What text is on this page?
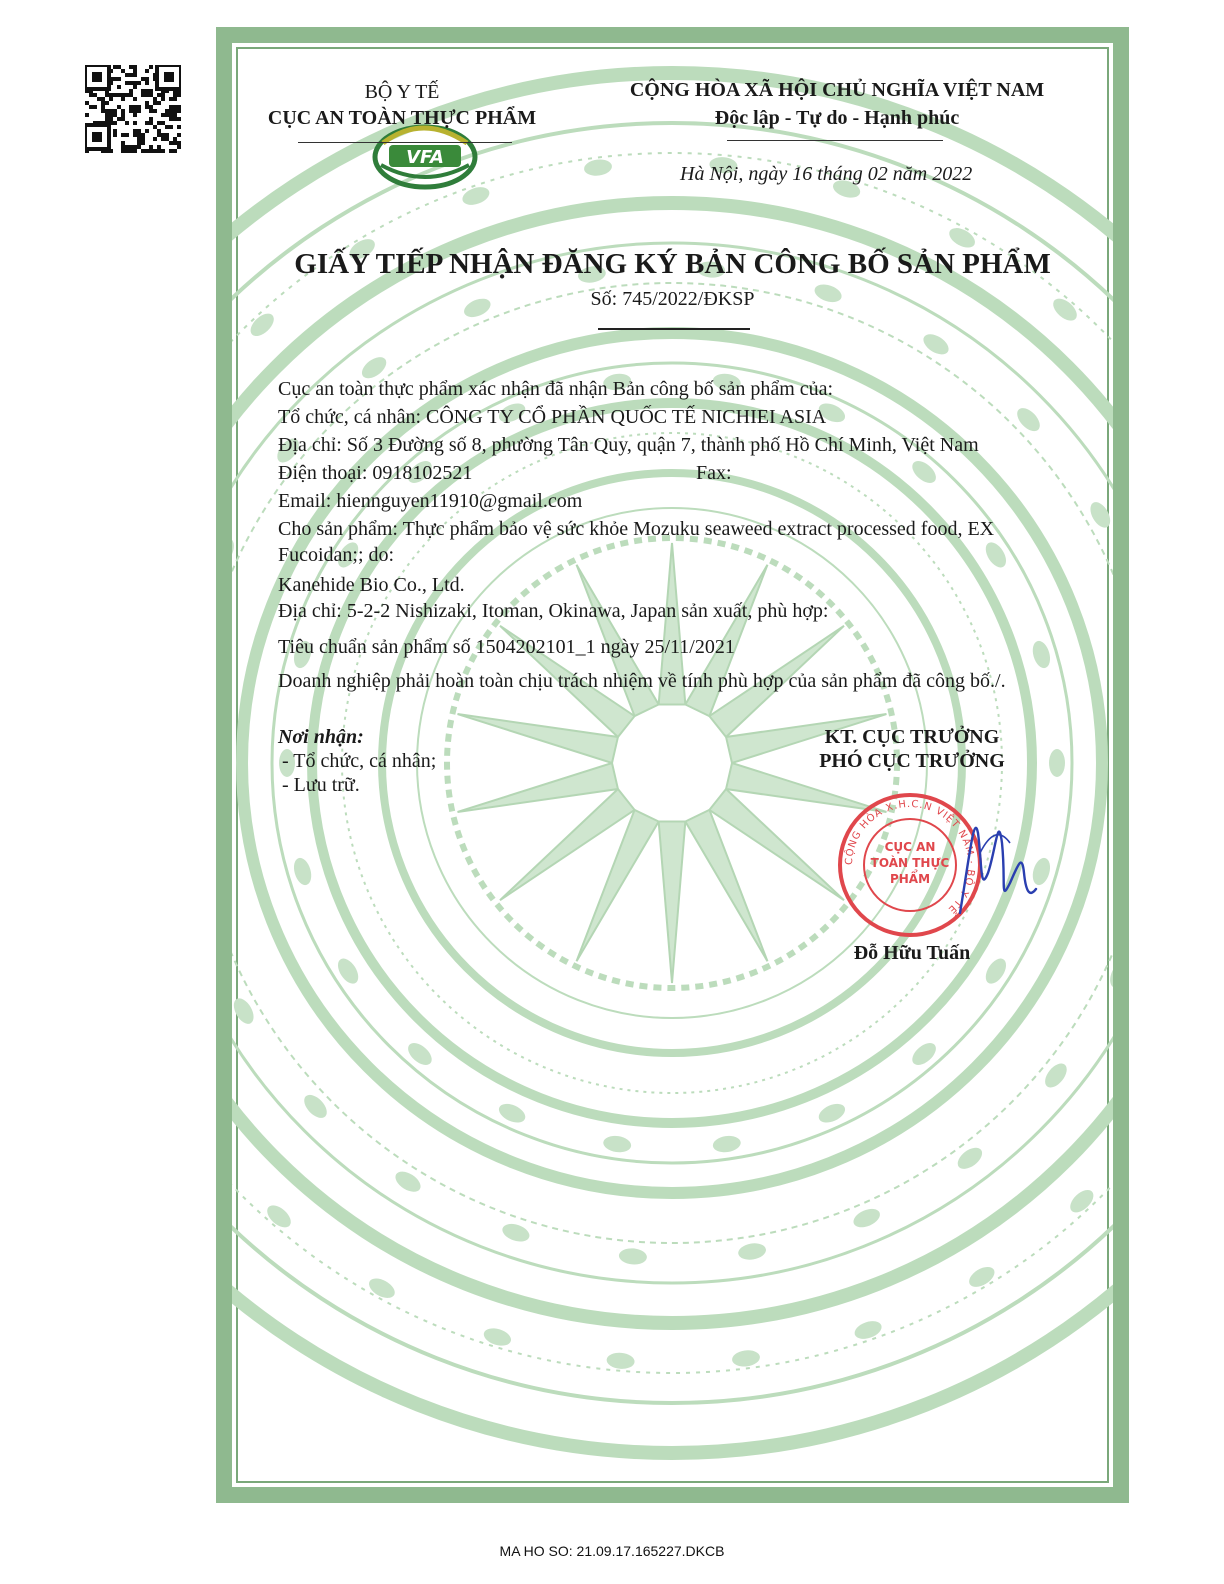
VFA
BỘ Y TẾ
CỤC AN TOÀN THỰC PHẨM
CỘNG HÒA XÃ HỘI CHỦ NGHĨA VIỆT NAM
Độc lập - Tự do - Hạnh phúc
Hà Nội, ngày 16 tháng 02 năm 2022
GIẤY TIẾP NHẬN ĐĂNG KÝ BẢN CÔNG BỐ SẢN PHẨM
Số: 745/2022/ĐKSP
Cục an toàn thực phẩm xác nhận đã nhận Bản công bố sản phẩm của:
Tổ chức, cá nhân: CÔNG TY CỔ PHẦN QUỐC TẾ NICHIEI ASIA
Địa chỉ: Số 3 Đường số 8, phường Tân Quy, quận 7, thành phố Hồ Chí Minh, Việt Nam
Điện thoại: 0918102521	Fax:
Email: hiennguyen11910@gmail.com
Cho sản phẩm: Thực phẩm bảo vệ sức khỏe Mozuku seaweed extract processed food, EX
Fucoidan;; do:
Kanehide Bio Co., Ltd.
Địa chỉ: 5-2-2 Nishizaki, Itoman, Okinawa, Japan sản xuất, phù hợp:
Tiêu chuẩn sản phẩm số 1504202101_1 ngày 25/11/2021
Doanh nghiệp phải hoàn toàn chịu trách nhiệm về tính phù hợp của sản phẩm đã công bố./.
Nơi nhận:
- Tổ chức, cá nhân;
- Lưu trữ.
KT. CỤC TRƯỞNG
PHÓ CỤC TRƯỞNG
CỘNG HÒA X.H.C.N VIỆT NAM · BỘ Y TẾ
CỤC AN TOÀN THỰC PHẨM
Đỗ Hữu Tuấn
MA HO SO: 21.09.17.165227.DKCB
